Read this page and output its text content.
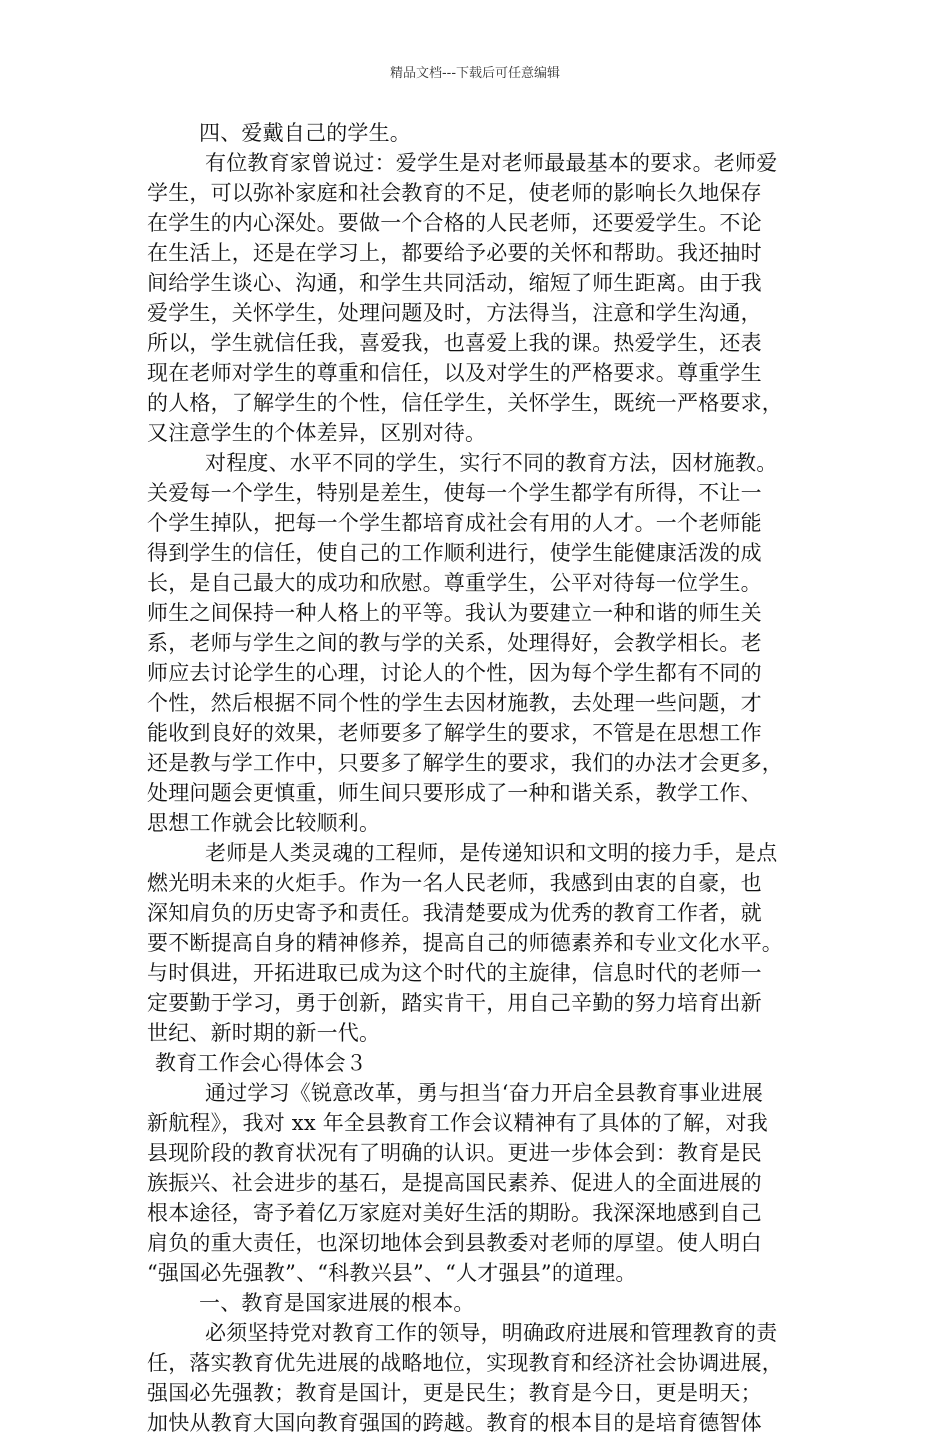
精品文档---下载后可任意编辑
四、爱戴自己的学生。
有位教育家曾说过：爱学生是对老师最最基本的要求。老师爱
学生，可以弥补家庭和社会教育的不足，使老师的影响长久地保存
在学生的内心深处。要做一个合格的人民老师，还要爱学生。不论
在生活上，还是在学习上，都要给予必要的关怀和帮助。我还抽时
间给学生谈心、沟通，和学生共同活动，缩短了师生距离。由于我
爱学生，关怀学生，处理问题及时，方法得当，注意和学生沟通，
所以，学生就信任我，喜爱我，也喜爱上我的课。热爱学生，还表
现在老师对学生的尊重和信任，以及对学生的严格要求。尊重学生
的人格，了解学生的个性，信任学生，关怀学生，既统一严格要求，
又注意学生的个体差异，区别对待。
对程度、水平不同的学生，实行不同的教育方法，因材施教。
关爱每一个学生，特别是差生，使每一个学生都学有所得，不让一
个学生掉队，把每一个学生都培育成社会有用的人才。一个老师能
得到学生的信任，使自己的工作顺利进行，使学生能健康活泼的成
长，是自己最大的成功和欣慰。尊重学生，公平对待每一位学生。
师生之间保持一种人格上的平等。我认为要建立一种和谐的师生关
系，老师与学生之间的教与学的关系，处理得好，会教学相长。老
师应去讨论学生的心理，讨论人的个性，因为每个学生都有不同的
个性，然后根据不同个性的学生去因材施教，去处理一些问题，才
能收到良好的效果，老师要多了解学生的要求，不管是在思想工作
还是教与学工作中，只要多了解学生的要求，我们的办法才会更多，
处理问题会更慎重，师生间只要形成了一种和谐关系，教学工作、
思想工作就会比较顺利。
老师是人类灵魂的工程师，是传递知识和文明的接力手，是点
燃光明未来的火炬手。作为一名人民老师，我感到由衷的自豪，也
深知肩负的历史寄予和责任。我清楚要成为优秀的教育工作者，就
要不断提高自身的精神修养，提高自己的师德素养和专业文化水平。
与时俱进，开拓进取已成为这个时代的主旋律，信息时代的老师一
定要勤于学习，勇于创新，踏实肯干，用自己辛勤的努力培育出新
世纪、新时期的新一代。
教育工作会心得体会３
通过学习《锐意改革，勇与担当‘奋力开启全县教育事业进展
新航程》，我对 xx 年全县教育工作会议精神有了具体的了解，对我
县现阶段的教育状况有了明确的认识。更进一步体会到：教育是民
族振兴、社会进步的基石，是提高国民素养、促进人的全面进展的
根本途径，寄予着亿万家庭对美好生活的期盼。我深深地感到自己
肩负的重大责任，也深切地体会到县教委对老师的厚望。使人明白
“强国必先强教”、“科教兴县”、“人才强县”的道理。
一、教育是国家进展的根本。
必须坚持党对教育工作的领导，明确政府进展和管理教育的责
任，落实教育优先进展的战略地位，实现教育和经济社会协调进展，
强国必先强教；教育是国计，更是民生；教育是今日，更是明天；
加快从教育大国向教育强国的跨越。教育的根本目的是培育德智体
